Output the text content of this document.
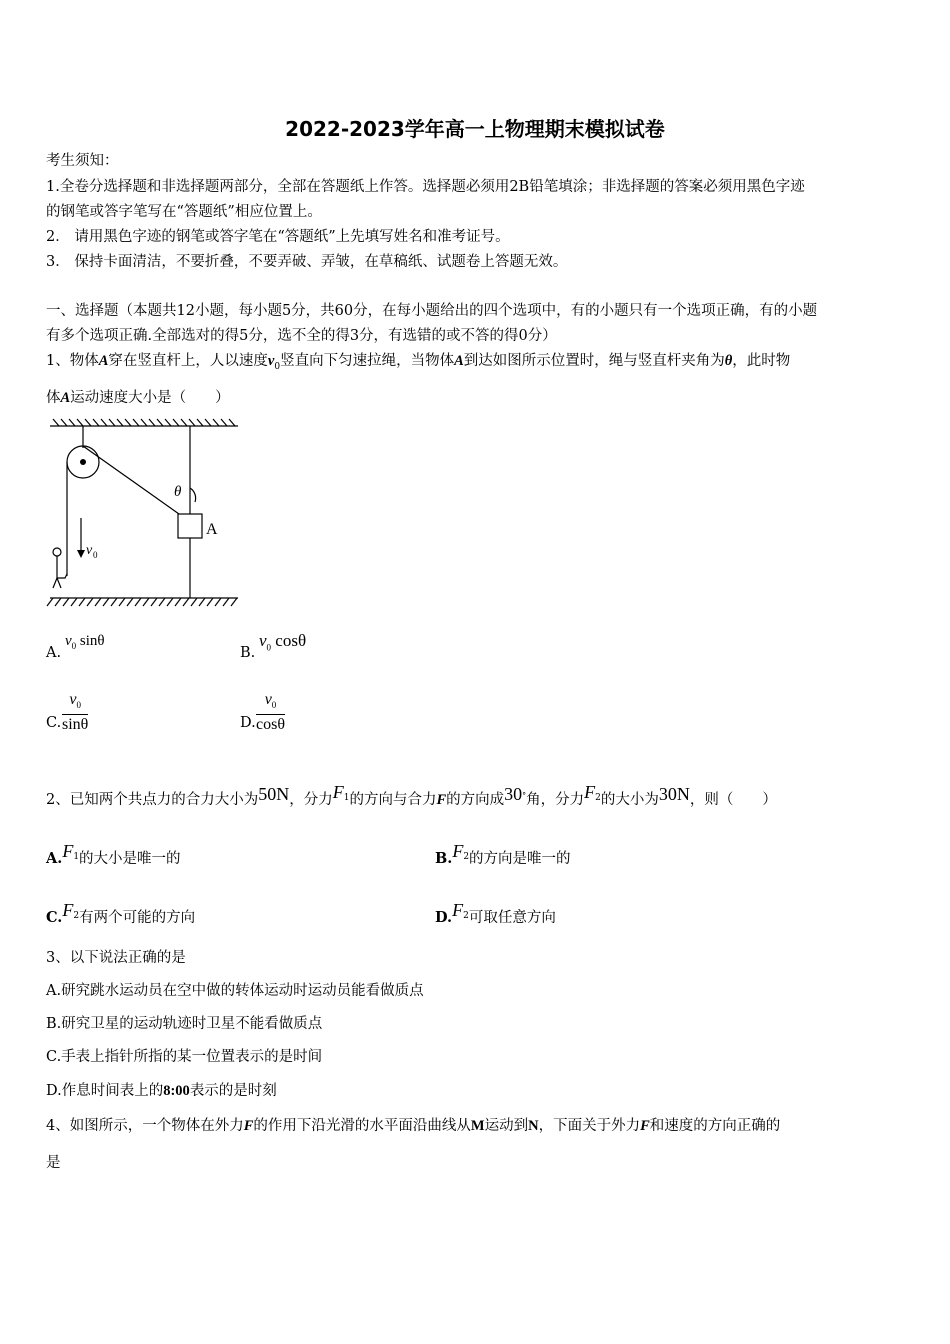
2022-2023学年高一上物理期末模拟试卷
考生须知：
1.全卷分选择题和非选择题两部分，全部在答题纸上作答。选择题必须用2B铅笔填涂；非选择题的答案必须用黑色字迹
的钢笔或答字笔写在“答题纸”相应位置上。
2． 请用黑色字迹的钢笔或答字笔在“答题纸”上先填写姓名和准考证号。
3． 保持卡面清洁，不要折叠，不要弄破、弄皱，在草稿纸、试题卷上答题无效。
一、选择题（本题共12小题，每小题5分，共60分，在每小题给出的四个选项中，有的小题只有一个选项正确，有的小题
有多个选项正确.全部选对的得5分，选不全的得3分，有选错的或不答的得0分）
1、物体A穿在竖直杆上，人以速度$v_0$竖直向下匀速拉绳，当物体A到达如图所示位置时，绳与竖直杆夹角为θ，此时物
体A运动速度大小是（　　）
θ
A
v 0
A.
$v_0$ sinθ
B.
$v_0$ cosθ
C. $\frac{v_0}{\sin\theta}$	D. $\frac{v_0}{\cos\theta}$
2、已知两个共点力的合力大小为50N，分力$F_1$的方向与合力F的方向成30°角，分力$F_2$的大小为30N，则（　　）
$A.F_1$的大小是唯一的	$B.F_2$的方向是唯一的
$C.F_2$有两个可能的方向	$D.F_2$可取任意方向
3、以下说法正确的是
A.研究跳水运动员在空中做的转体运动时运动员能看做质点
B.研究卫星的运动轨迹时卫星不能看做质点
C.手表上指针所指的某一位置表示的是时间
D.作息时间表上的8:00表示的是时刻
4、如图所示，一个物体在外力F的作用下沿光滑的水平面沿曲线从M运动到N，下面关于外力F和速度的方向正确的
是
